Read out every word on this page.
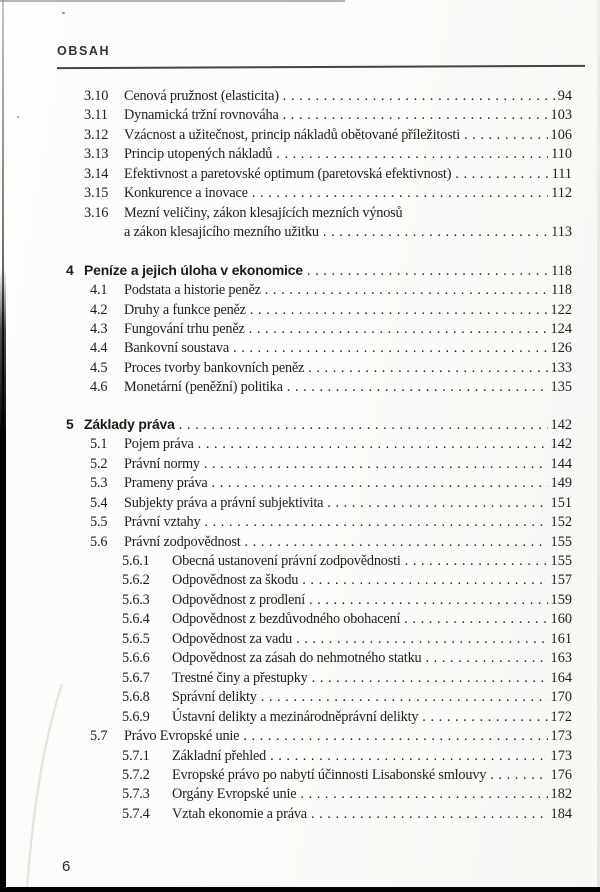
OBSAH
3.10	Cenová pružnost (elasticita) .....	94
3.11	Dynamická tržní rovnováha .....	103
3.12	Vzácnost a užitečnost, princip nákladů obětované příležitosti .....	106
3.13	Princip utopených nákladů .....	110
3.14	Efektivnost a paretovské optimum (paretovská efektivnost) .....	111
3.15	Konkurence a inovace .....	112
3.16	Mezní veličiny, zákon klesajících mezních výnosů
a zákon klesajícího mezního užitku .....	113
4 Peníze a jejich úloha v ekonomice .....	118
4.1	Podstata a historie peněz .....	118
4.2	Druhy a funkce peněz .....	122
4.3	Fungování trhu peněz .....	124
4.4	Bankovní soustava .....	126
4.5	Proces tvorby bankovních peněz .....	133
4.6	Monetární (peněžní) politika .....	135
5 Základy práva .....	142
5.1	Pojem práva .....	142
5.2	Právní normy .....	144
5.3	Prameny práva .....	149
5.4	Subjekty práva a právní subjektivita .....	151
5.5	Právní vztahy .....	152
5.6	Právní zodpovědnost .....	155
5.6.1	Obecná ustanovení právní zodpovědnosti .....	155
5.6.2	Odpovědnost za škodu .....	157
5.6.3	Odpovědnost z prodlení .....	159
5.6.4	Odpovědnost z bezdůvodného obohacení .....	160
5.6.5	Odpovědnost za vadu .....	161
5.6.6	Odpovědnost za zásah do nehmotného statku .....	163
5.6.7	Trestné činy a přestupky .....	164
5.6.8	Správní delikty .....	170
5.6.9	Ústavní delikty a mezinárodněprávní delikty .....	172
5.7	Právo Evropské unie .....	173
5.7.1	Základní přehled .....	173
5.7.2	Evropské právo po nabytí účinnosti Lisabonské smlouvy .....	176
5.7.3	Orgány Evropské unie .....	182
5.7.4	Vztah ekonomie a práva .....	184
6
